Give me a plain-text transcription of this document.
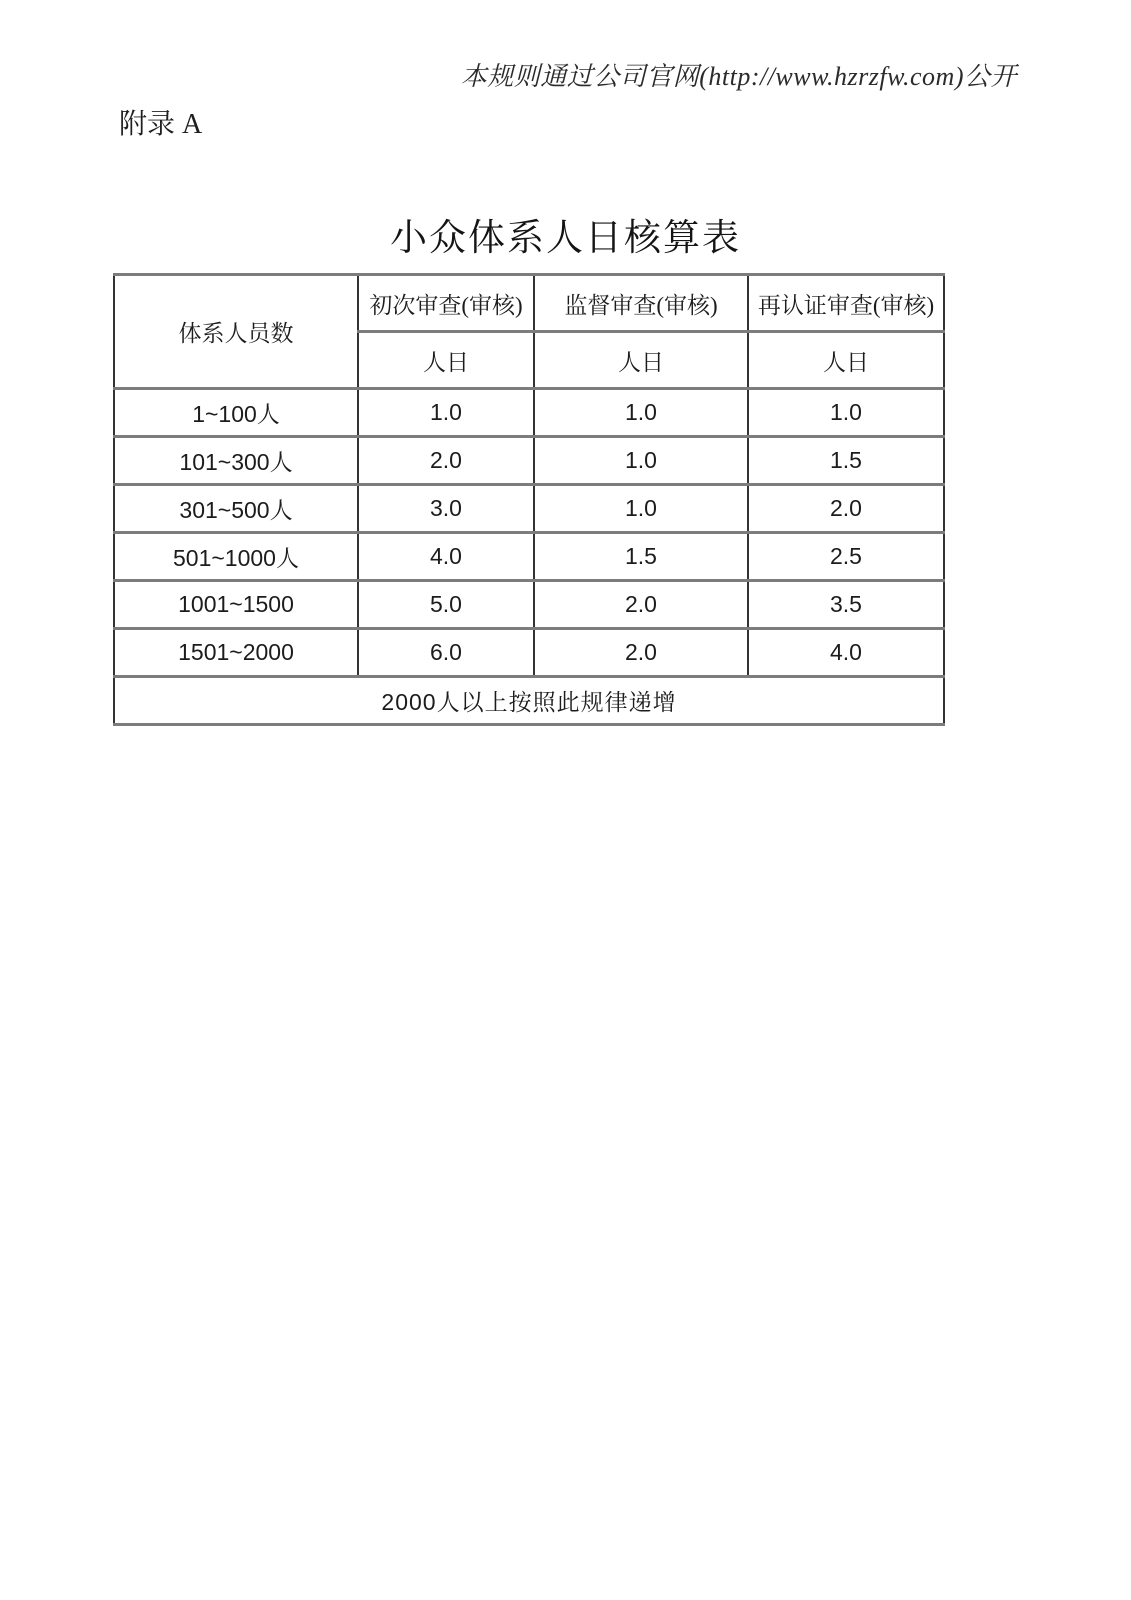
本规则通过公司官网(http://www.hzrzfw.com)公开
附录 A
小众体系人日核算表
体系人员数	初次审查(审核)	监督审查(审核)	再认证审查(审核)
	人日	人日	人日
1~100人	1.0	1.0	1.0
101~300人	2.0	1.0	1.5
301~500人	3.0	1.0	2.0
501~1000人	4.0	1.5	2.5
1001~1500	5.0	2.0	3.5
1501~2000	6.0	2.0	4.0
2000人以上按照此规律递增			
